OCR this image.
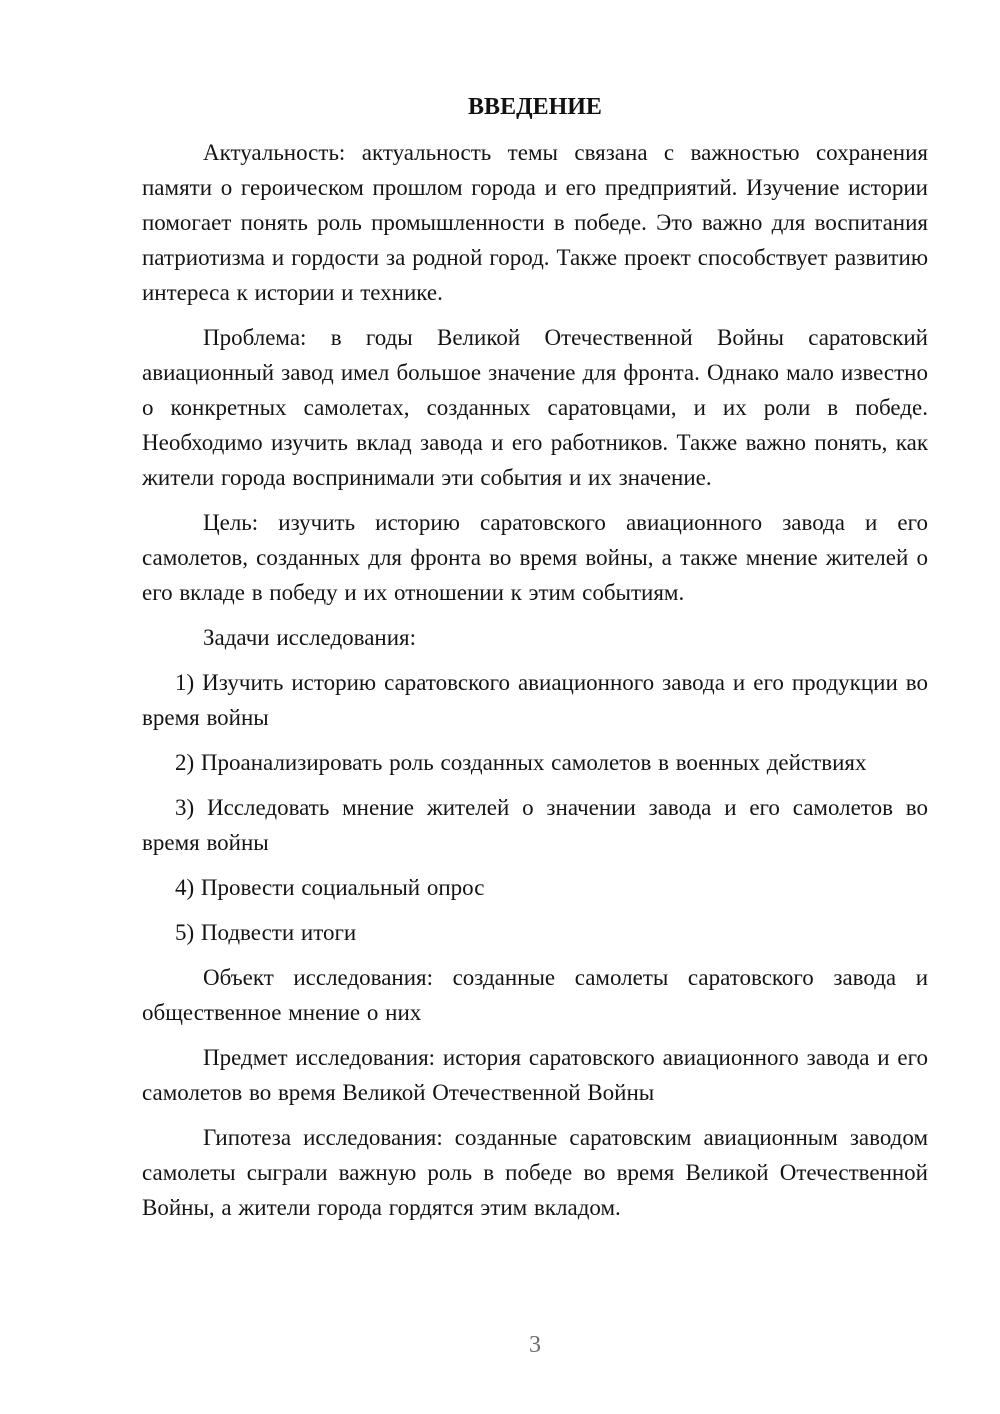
ВВЕДЕНИЕ

Актуальность: актуальность темы связана с важностью сохранения памяти о героическом прошлом города и его предприятий. Изучение истории помогает понять роль промышленности в победе. Это важно для воспитания патриотизма и гордости за родной город. Также проект способствует развитию интереса к истории и технике.

Проблема: в годы Великой Отечественной Войны саратовский авиационный завод имел большое значение для фронта. Однако мало известно о конкретных самолетах, созданных саратовцами, и их роли в победе. Необходимо изучить вклад завода и его работников. Также важно понять, как жители города воспринимали эти события и их значение.

Цель: изучить историю саратовского авиационного завода и его самолетов, созданных для фронта во время войны, а также мнение жителей о его вкладе в победу и их отношении к этим событиям.

Задачи исследования:

1) Изучить историю саратовского авиационного завода и его продукции во время войны

2) Проанализировать роль созданных самолетов в военных действиях

3) Исследовать мнение жителей о значении завода и его самолетов во время войны

4) Провести социальный опрос

5) Подвести итоги

Объект исследования: созданные самолеты саратовского завода и общественное мнение о них

Предмет исследования: история саратовского авиационного завода и его самолетов во время Великой Отечественной Войны

Гипотеза исследования: созданные саратовским авиационным заводом самолеты сыграли важную роль в победе во время Великой Отечественной Войны, а жители города гордятся этим вкладом.

3
